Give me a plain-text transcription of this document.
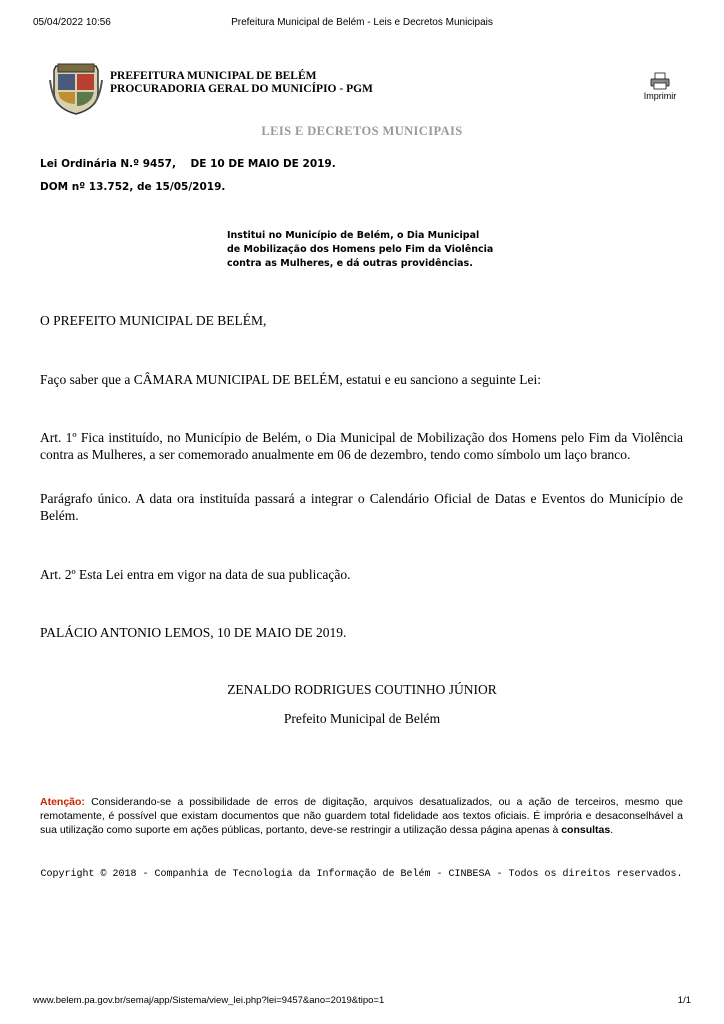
05/04/2022 10:56	Prefeitura Municipal de Belém - Leis e Decretos Municipais
PREFEITURA MUNICIPAL DE BELÉM
PROCURADORIA GERAL DO MUNICÍPIO - PGM
Imprimir
LEIS E DECRETOS MUNICIPAIS
Lei Ordinária N.º 9457,    DE 10 DE MAIO DE 2019.
DOM nº 13.752, de 15/05/2019.
Institui no Município de Belém, o Dia Municipal
de Mobilização dos Homens pelo Fim da Violência
contra as Mulheres, e dá outras providências.
O PREFEITO MUNICIPAL DE BELÉM,
Faço saber que a CÂMARA MUNICIPAL DE BELÉM, estatui e eu sanciono a seguinte Lei:
Art. 1º Fica instituído, no Município de Belém, o Dia Municipal de Mobilização dos Homens pelo Fim da Violência contra as Mulheres, a ser comemorado anualmente em 06 de dezembro, tendo como símbolo um laço branco.
Parágrafo único. A data ora instituída passará a integrar o Calendário Oficial de Datas e Eventos do Município de Belém.
Art. 2º Esta Lei entra em vigor na data de sua publicação.
PALÁCIO ANTONIO LEMOS, 10 DE MAIO DE 2019.
ZENALDO RODRIGUES COUTINHO JÚNIOR
Prefeito Municipal de Belém
Atenção: Considerando-se a possibilidade de erros de digitação, arquivos desatualizados, ou a ação de terceiros, mesmo que remotamente, é possível que existam documentos que não guardem total fidelidade aos textos oficiais. É imprória e desaconselhável a sua utilização como suporte em ações públicas, portanto, deve-se restringir a utilização dessa página apenas à consultas.
Copyright © 2018 - Companhia de Tecnologia da Informação de Belém - CINBESA - Todos os direitos reservados.
www.belem.pa.gov.br/semaj/app/Sistema/view_lei.php?lei=9457&ano=2019&tipo=1	1/1
